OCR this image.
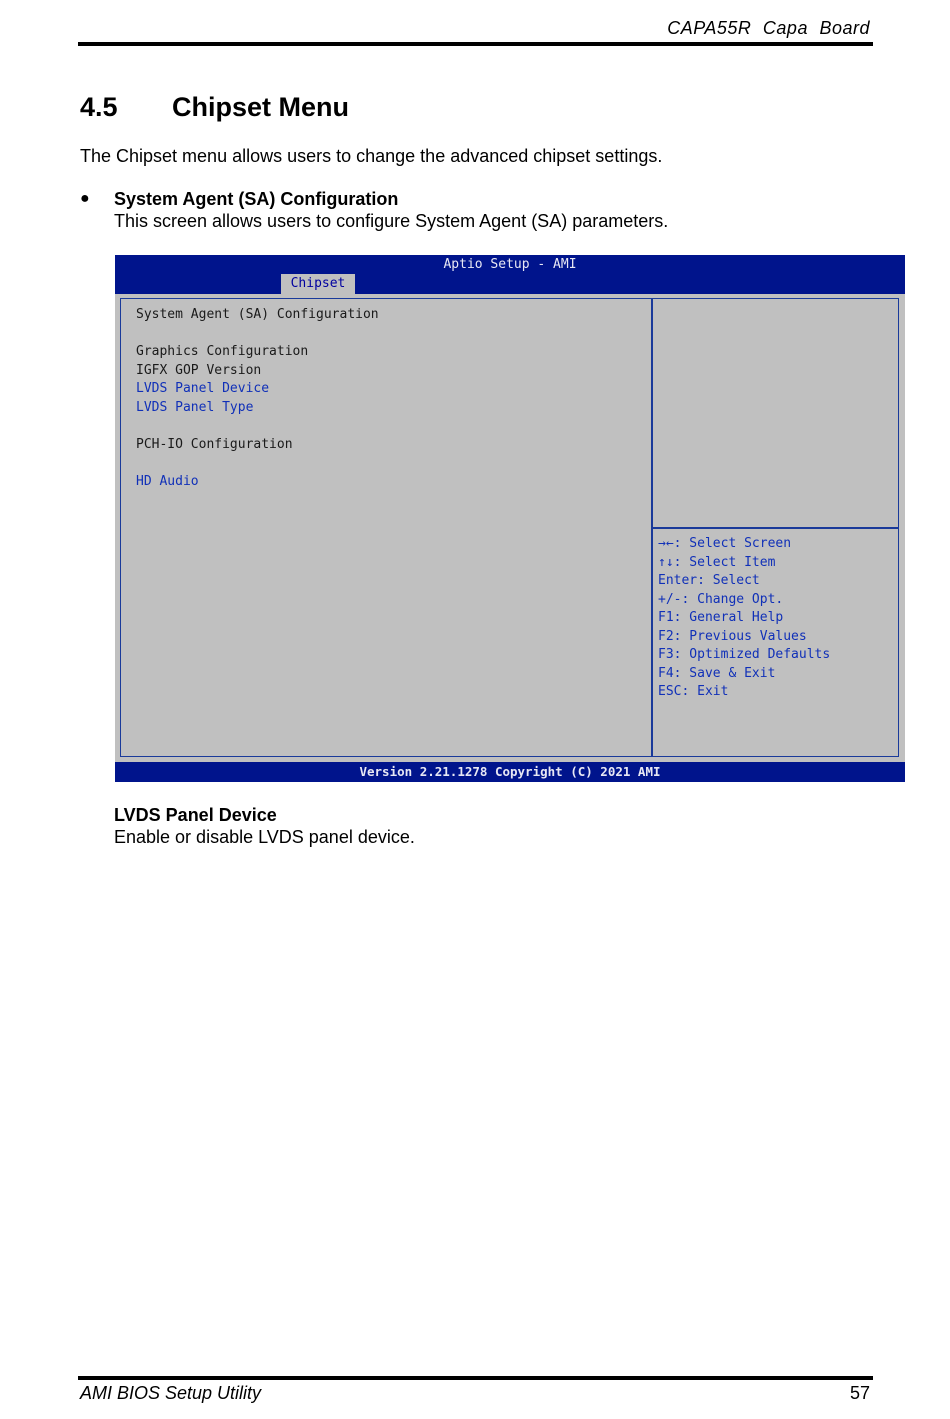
CAPA55R Capa Board
4.5 Chipset Menu
The Chipset menu allows users to change the advanced chipset settings.
● System Agent (SA) Configuration
This screen allows users to configure System Agent (SA) parameters.
Aptio Setup - AMI
Chipset
System Agent (SA) Configuration
Graphics Configuration
IGFX GOP Version
LVDS Panel Device
LVDS Panel Type
PCH-IO Configuration
HD Audio
→←: Select Screen
↑↓: Select Item
Enter: Select
+/-: Change Opt.
F1: General Help
F2: Previous Values
F3: Optimized Defaults
F4: Save & Exit
ESC: Exit
Version 2.21.1278 Copyright (C) 2021 AMI
LVDS Panel Device
Enable or disable LVDS panel device.
AMI BIOS Setup Utility	57
